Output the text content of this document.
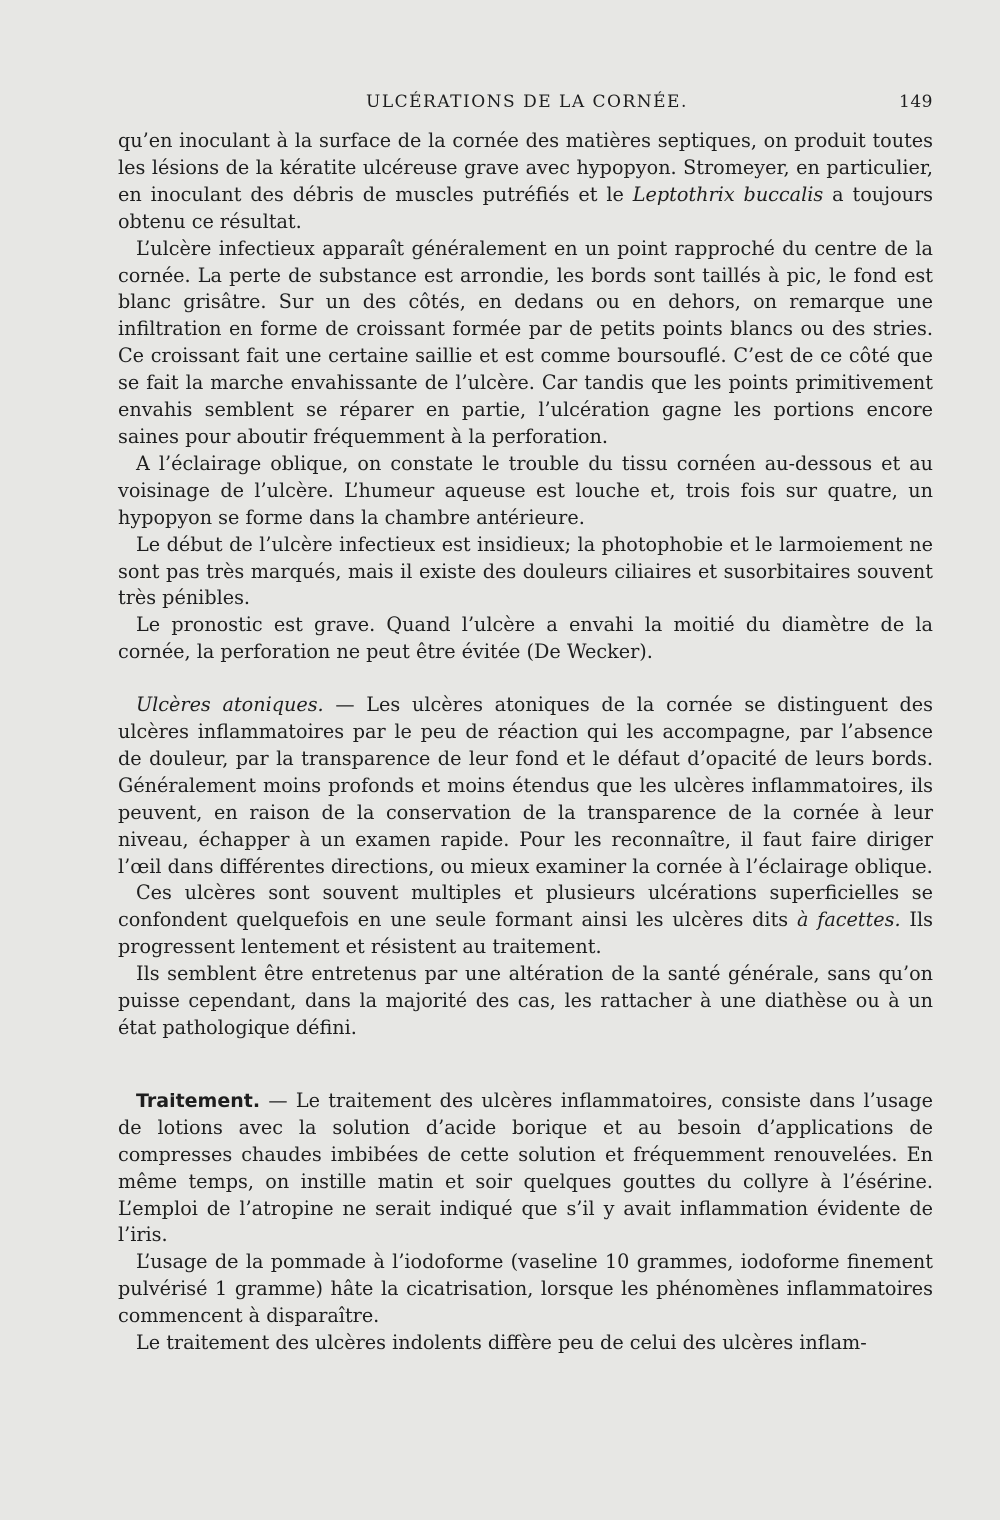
ULCÉRATIONS DE LA CORNÉE.	149

qu’en inoculant à la surface de la cornée des matières septiques, on produit toutes les lésions de la kératite ulcéreuse grave avec hypopyon. Stromeyer, en particulier, en inoculant des débris de muscles putréfiés et le Leptothrix buccalis a toujours obtenu ce résultat.

L’ulcère infectieux apparaît généralement en un point rapproché du centre de la cornée. La perte de substance est arrondie, les bords sont taillés à pic, le fond est blanc grisâtre. Sur un des côtés, en dedans ou en dehors, on remarque une infiltration en forme de croissant formée par de petits points blancs ou des stries. Ce croissant fait une certaine saillie et est comme boursouflé. C’est de ce côté que se fait la marche envahissante de l’ulcère. Car tandis que les points primitivement envahis semblent se réparer en partie, l’ulcération gagne les portions encore saines pour aboutir fréquemment à la perforation.

A l’éclairage oblique, on constate le trouble du tissu cornéen au-dessous et au voisinage de l’ulcère. L’humeur aqueuse est louche et, trois fois sur quatre, un hypopyon se forme dans la chambre antérieure.

Le début de l’ulcère infectieux est insidieux; la photophobie et le larmoiement ne sont pas très marqués, mais il existe des douleurs ciliaires et susorbitaires souvent très pénibles.

Le pronostic est grave. Quand l’ulcère a envahi la moitié du diamètre de la cornée, la perforation ne peut être évitée (De Wecker).

Ulcères atoniques. — Les ulcères atoniques de la cornée se distinguent des ulcères inflammatoires par le peu de réaction qui les accompagne, par l’absence de douleur, par la transparence de leur fond et le défaut d’opacité de leurs bords. Généralement moins profonds et moins étendus que les ulcères inflammatoires, ils peuvent, en raison de la conservation de la transparence de la cornée à leur niveau, échapper à un examen rapide. Pour les reconnaître, il faut faire diriger l’œil dans différentes directions, ou mieux examiner la cornée à l’éclairage oblique.

Ces ulcères sont souvent multiples et plusieurs ulcérations superficielles se confondent quelquefois en une seule formant ainsi les ulcères dits à facettes. Ils progressent lentement et résistent au traitement.

Ils semblent être entretenus par une altération de la santé générale, sans qu’on puisse cependant, dans la majorité des cas, les rattacher à une diathèse ou à un état pathologique défini.

Traitement. — Le traitement des ulcères inflammatoires, consiste dans l’usage de lotions avec la solution d’acide borique et au besoin d’applications de compresses chaudes imbibées de cette solution et fréquemment renouvelées. En même temps, on instille matin et soir quelques gouttes du collyre à l’ésérine. L’emploi de l’atropine ne serait indiqué que s’il y avait inflammation évidente de l’iris.

L’usage de la pommade à l’iodoforme (vaseline 10 grammes, iodoforme finement pulvérisé 1 gramme) hâte la cicatrisation, lorsque les phénomènes inflammatoires commencent à disparaître.

Le traitement des ulcères indolents diffère peu de celui des ulcères inflam-
